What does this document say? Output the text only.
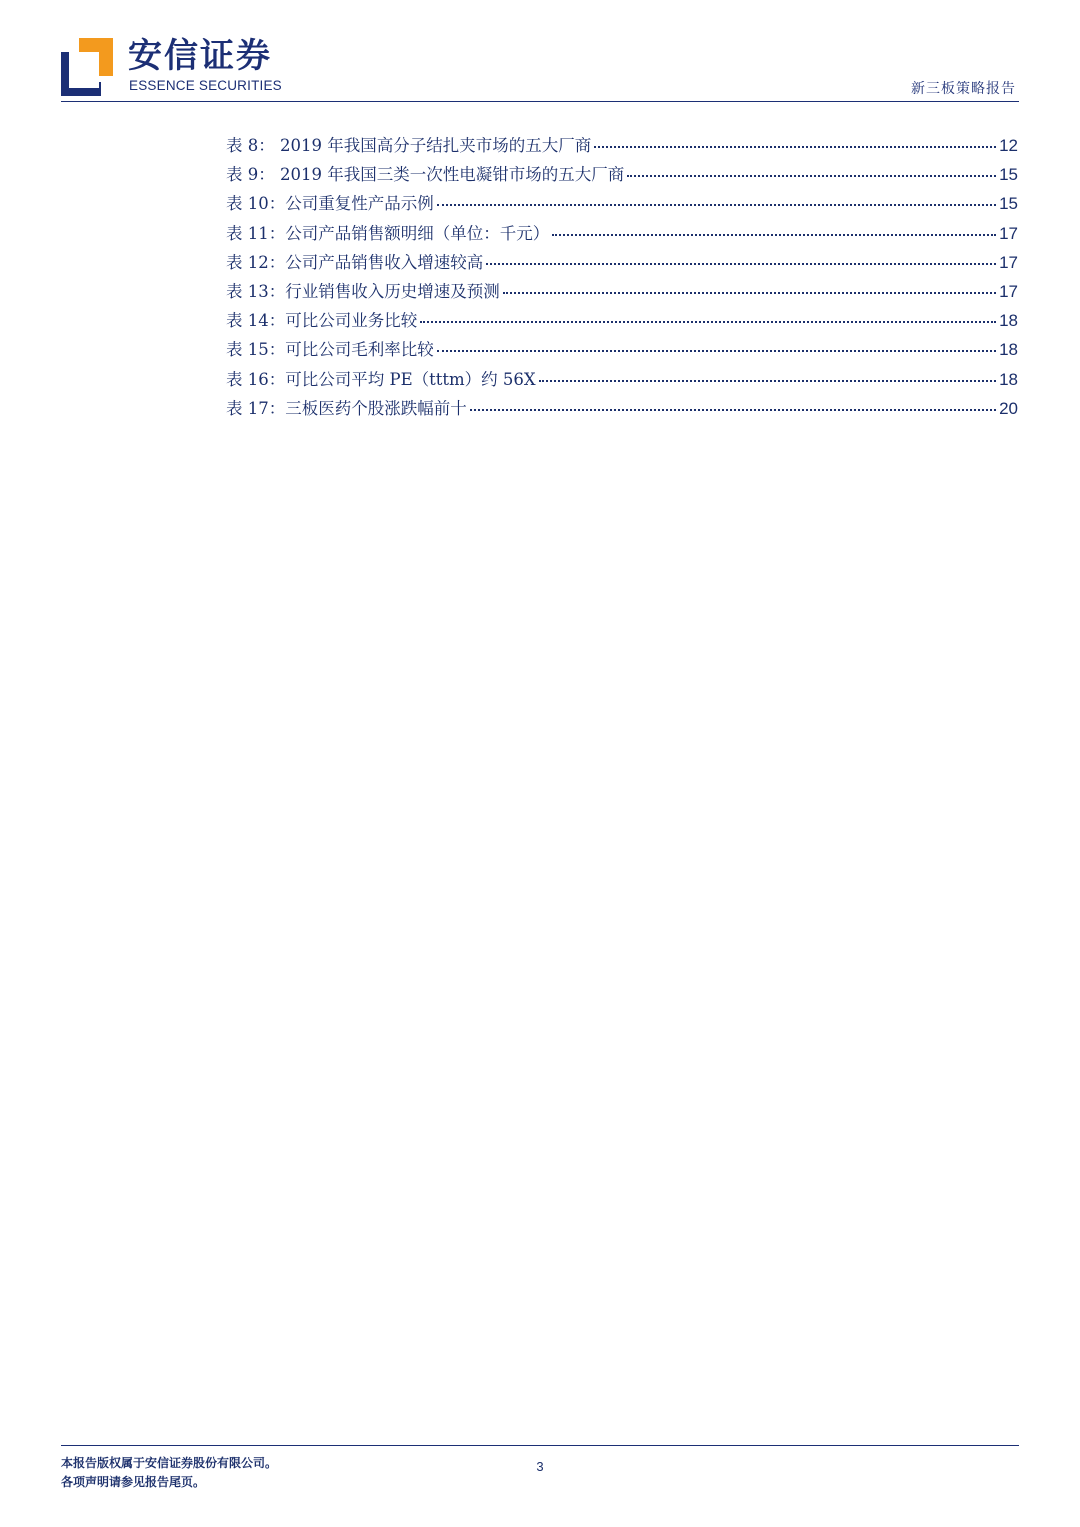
安信证券
ESSENCE SECURITIES	新三板策略报告
表 8： 2019 年我国高分子结扎夹市场的五大厂商	12
表 9： 2019 年我国三类一次性电凝钳市场的五大厂商	15
表 10：公司重复性产品示例	15
表 11：公司产品销售额明细（单位：千元）	17
表 12：公司产品销售收入增速较高	17
表 13：行业销售收入历史增速及预测	17
表 14：可比公司业务比较	18
表 15：可比公司毛利率比较	18
表 16：可比公司平均 PE（tttm）约 56X	18
表 17：三板医药个股涨跌幅前十	20
本报告版权属于安信证券股份有限公司。
各项声明请参见报告尾页。
3
